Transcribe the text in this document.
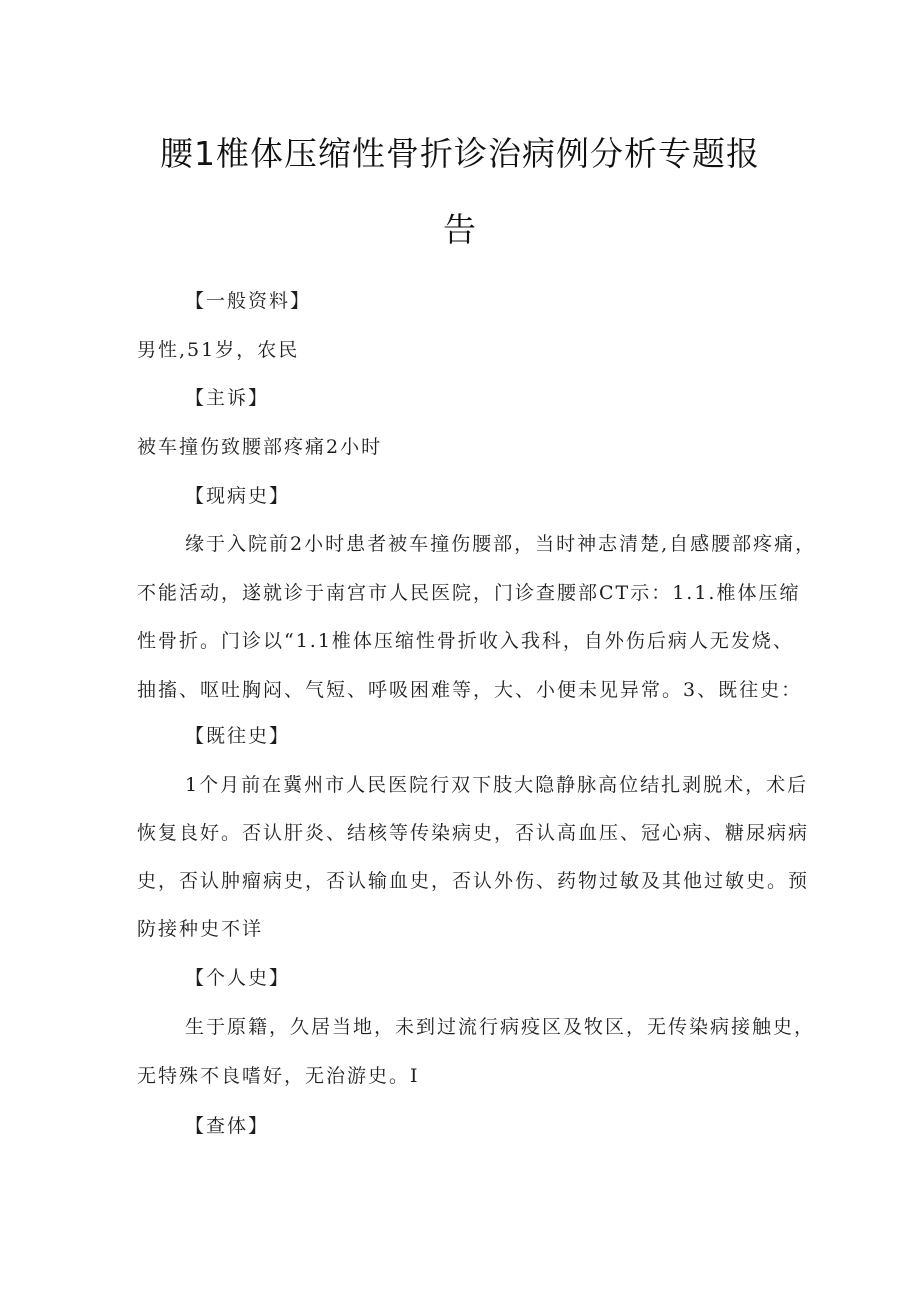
腰1椎体压缩性骨折诊治病例分析专题报
告
【一般资料】
男性,51岁，农民
【主诉】
被车撞伤致腰部疼痛2小时
【现病史】
缘于入院前2小时患者被车撞伤腰部，当时神志清楚,自感腰部疼痛，
不能活动，遂就诊于南宫市人民医院，门诊查腰部CT示：1.1.椎体压缩
性骨折。门诊以“1.1椎体压缩性骨折收入我科，自外伤后病人无发烧、
抽搐、呕吐胸闷、气短、呼吸困难等，大、小便未见异常。3、既往史：
【既往史】
1个月前在冀州市人民医院行双下肢大隐静脉高位结扎剥脱术，术后
恢复良好。否认肝炎、结核等传染病史，否认高血压、冠心病、糖尿病病
史，否认肿瘤病史，否认输血史，否认外伤、药物过敏及其他过敏史。预
防接种史不详
【个人史】
生于原籍，久居当地，未到过流行病疫区及牧区，无传染病接触史，
无特殊不良嗜好，无治游史。I
【查体】
